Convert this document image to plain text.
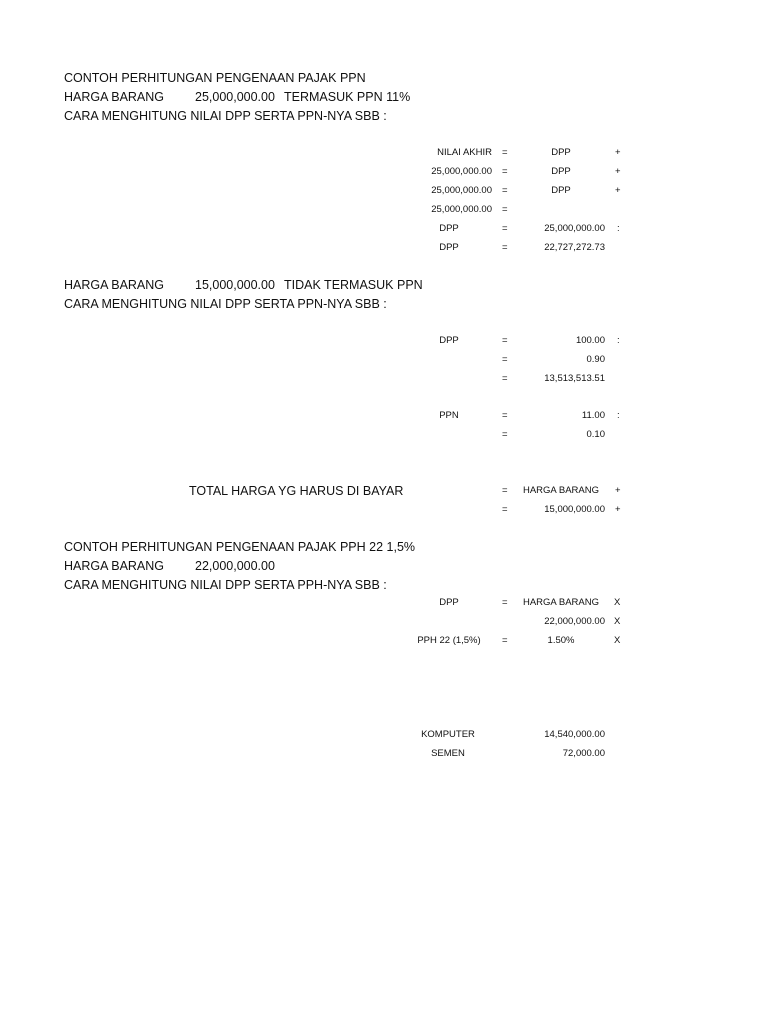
CONTOH PERHITUNGAN PENGENAAN PAJAK PPN
HARGA BARANG 25,000,000.00 TERMASUK PPN 11%
CARA MENGHITUNG NILAI DPP SERTA PPN-NYA SBB :
NILAI AKHIR =	DPP	+
25,000,000.00 =	DPP	+
25,000,000.00 =	DPP	+
25,000,000.00 =
DPP	=	25,000,000.00 :
DPP	=	22,727,272.73
HARGA BARANG 15,000,000.00 TIDAK TERMASUK PPN
CARA MENGHITUNG NILAI DPP SERTA PPN-NYA SBB :
DPP	=	100.00 :
=	0.90
=	13,513,513.51
PPN	=	11.00 :
=	0.10
TOTAL HARGA YG HARUS DI BAYAR	=	HARGA BARANG	+
=	15,000,000.00 +
CONTOH PERHITUNGAN PENGENAAN PAJAK PPH 22 1,5%
HARGA BARANG 22,000,000.00
CARA MENGHITUNG NILAI DPP SERTA PPH-NYA SBB :
DPP	=	HARGA BARANG	X
22,000,000.00 X
PPH 22 (1,5%)	=	1.50%	X
KOMPUTER	14,540,000.00
SEMEN	72,000.00
